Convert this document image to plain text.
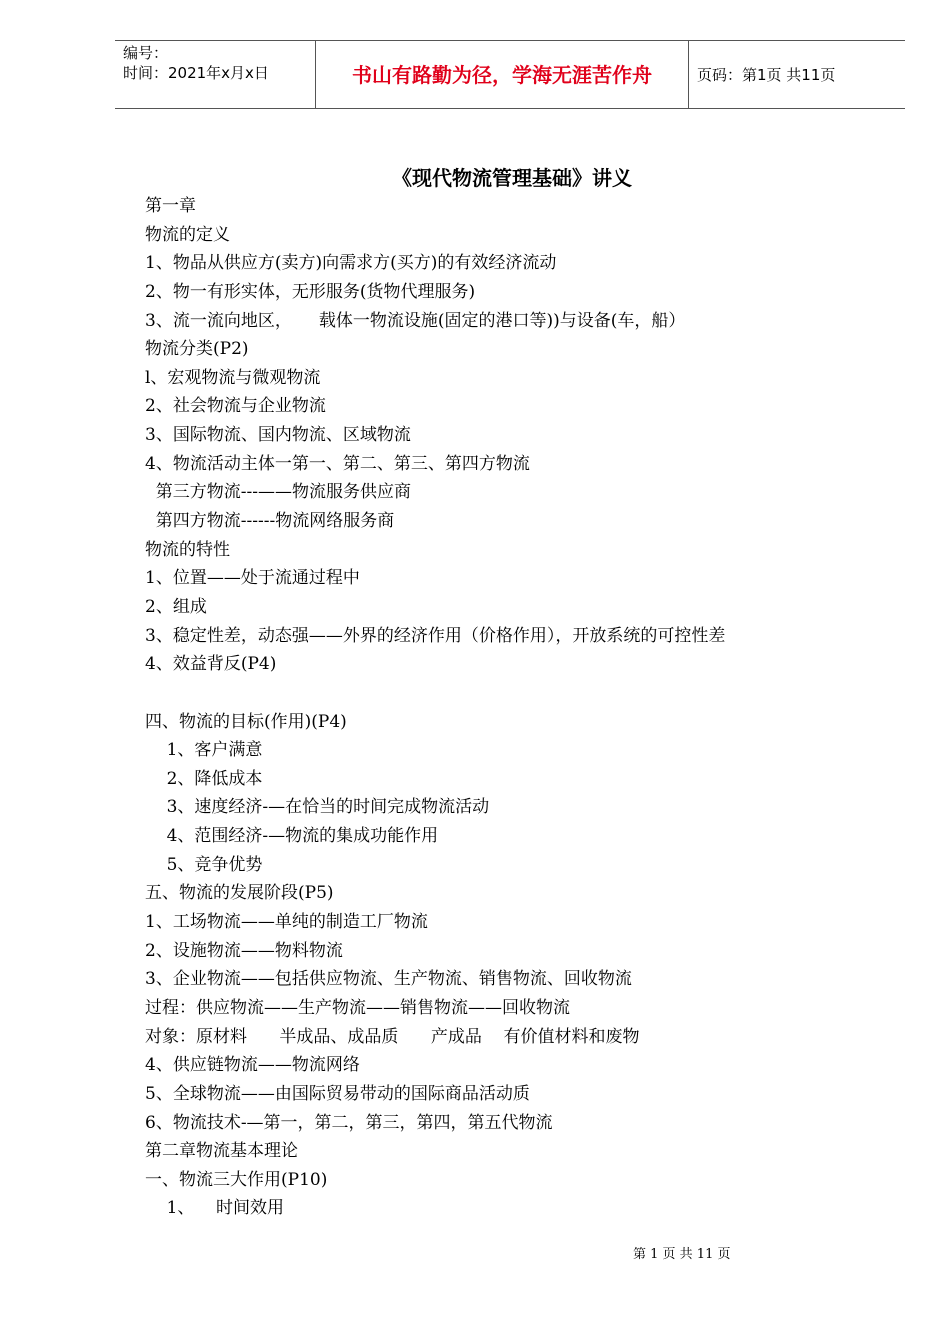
编号：
时间：2021年x月x日	书山有路勤为径，学海无涯苦作舟	页码：第1页 共11页
《现代物流管理基础》讲义
第一章
物流的定义
1、物品从供应方(卖方)向需求方(买方)的有效经济流动
2、物一有形实体，无形服务(货物代理服务)
3、流一流向地区，     载体一物流设施(固定的港口等))与设备(车，船）
物流分类(P2)
l、宏观物流与微观物流
2、社会物流与企业物流
3、国际物流、国内物流、区域物流
4、物流活动主体一第一、第二、第三、第四方物流
第三方物流---——物流服务供应商
第四方物流------物流网络服务商
物流的特性
1、位置——处于流通过程中
2、组成
3、稳定性差，动态强——外界的经济作用（价格作用），开放系统的可控性差
4、效益背反(P4)
四、物流的目标(作用)(P4)
1、客户满意
2、降低成本
3、速度经济-—在恰当的时间完成物流活动
4、范围经济-—物流的集成功能作用
5、竞争优势
五、物流的发展阶段(P5)
1、工场物流——单纯的制造工厂物流
2、设施物流——物料物流
3、企业物流——包括供应物流、生产物流、销售物流、回收物流
过程：供应物流——生产物流——销售物流——回收物流
对象：原材料      半成品、成品质      产成品    有价值材料和废物
4、供应链物流——物流网络
5、全球物流——由国际贸易带动的国际商品活动质
6、物流技术-—第一，第二，第三，第四，第五代物流
第二章物流基本理论
一、物流三大作用(P10)
1、    时间效用
第 1 页 共 11 页
